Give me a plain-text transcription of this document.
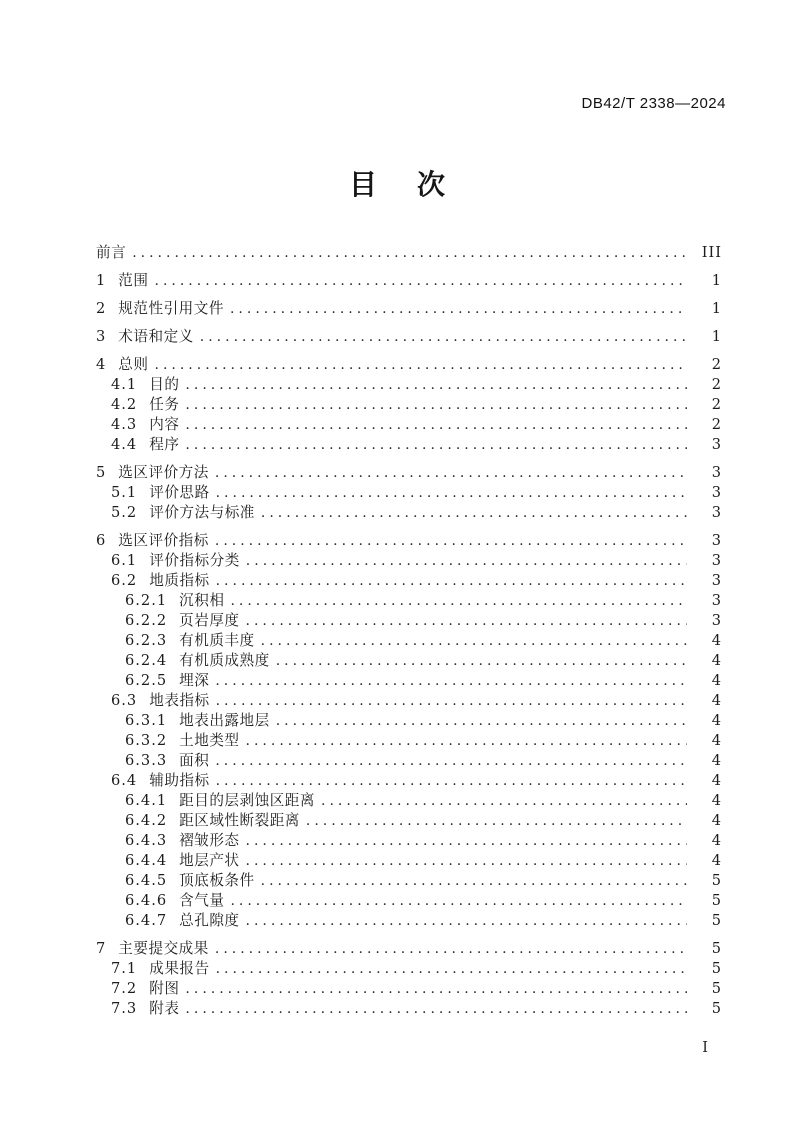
DB42/T 2338—2024
目　次
前言 .....	III
1 范围 .....	1
2 规范性引用文件 .....	1
3 术语和定义 .....	1
4 总则 .....	2
4.1 目的 .....	2
4.2 任务 .....	2
4.3 内容 .....	2
4.4 程序 .....	3
5 选区评价方法 .....	3
5.1 评价思路 .....	3
5.2 评价方法与标准 .....	3
6 选区评价指标 .....	3
6.1 评价指标分类 .....	3
6.2 地质指标 .....	3
6.2.1 沉积相 .....	3
6.2.2 页岩厚度 .....	3
6.2.3 有机质丰度 .....	4
6.2.4 有机质成熟度 .....	4
6.2.5 埋深 .....	4
6.3 地表指标 .....	4
6.3.1 地表出露地层 .....	4
6.3.2 土地类型 .....	4
6.3.3 面积 .....	4
6.4 辅助指标 .....	4
6.4.1 距目的层剥蚀区距离 .....	4
6.4.2 距区域性断裂距离 .....	4
6.4.3 褶皱形态 .....	4
6.4.4 地层产状 .....	4
6.4.5 顶底板条件 .....	5
6.4.6 含气量 .....	5
6.4.7 总孔隙度 .....	5
7 主要提交成果 .....	5
7.1 成果报告 .....	5
7.2 附图 .....	5
7.3 附表 .....	5
I
